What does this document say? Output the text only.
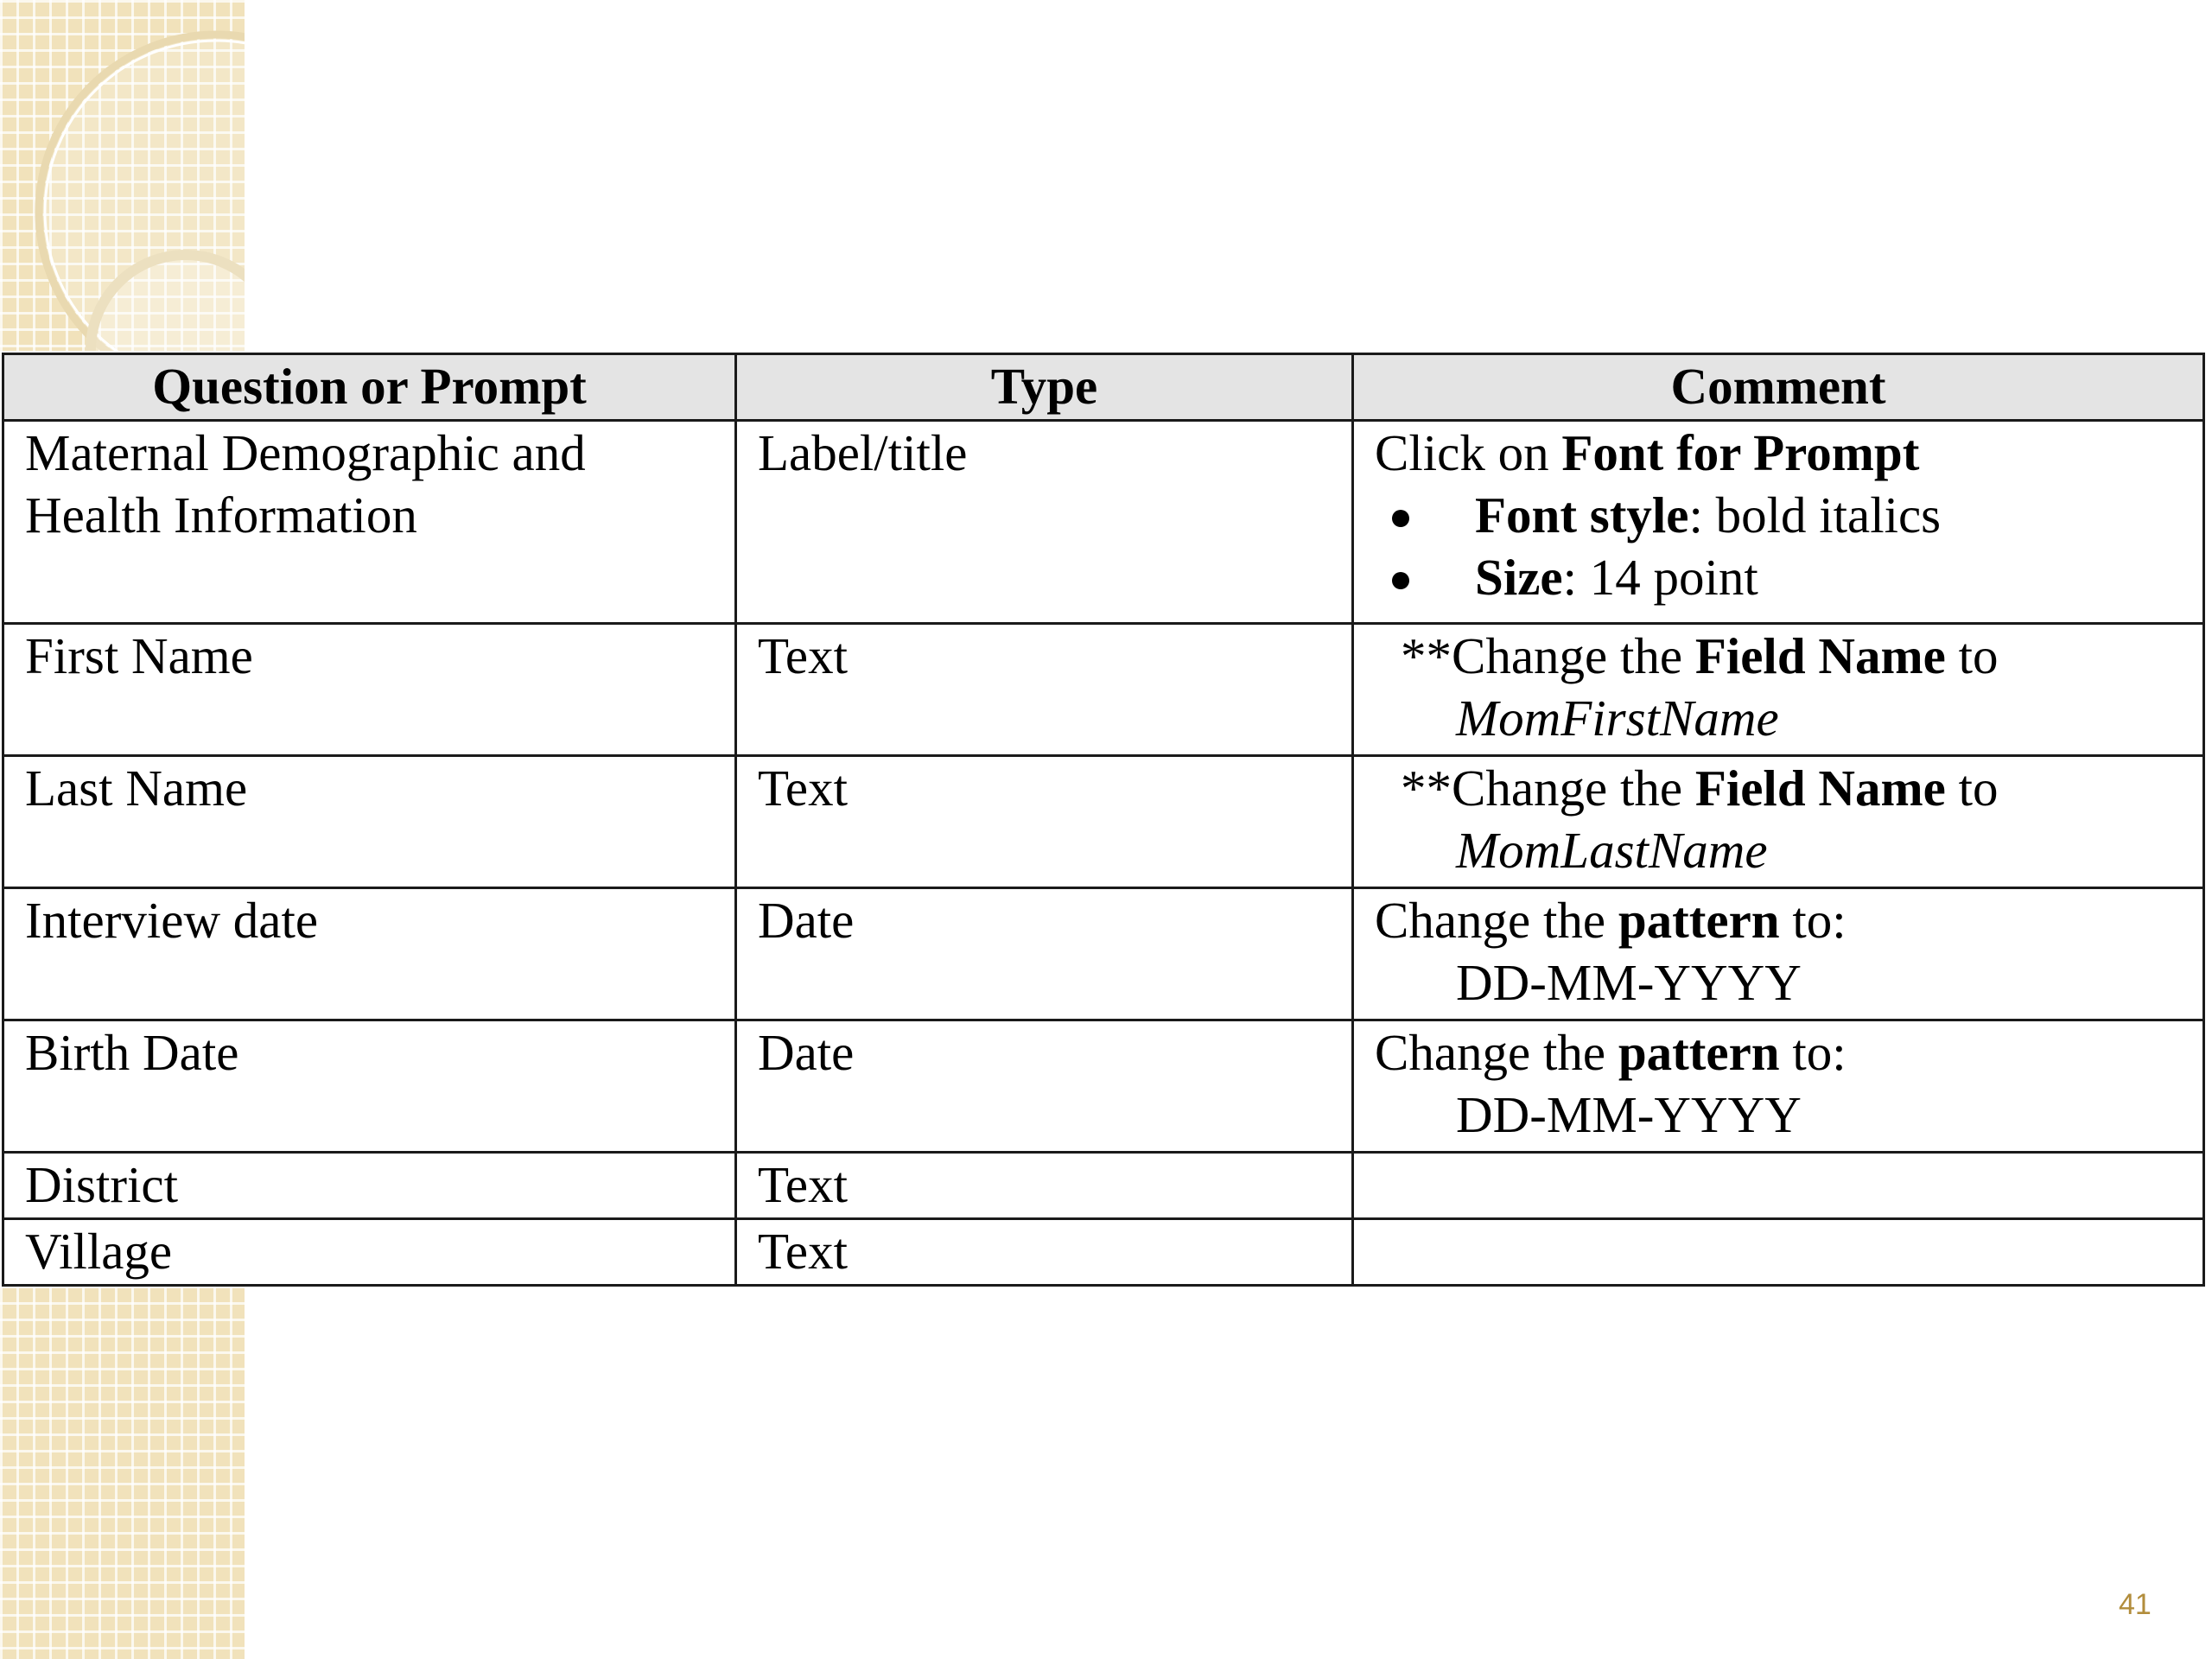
Question or Prompt	Type	Comment
Maternal Demographic and Health Information	Label/title	Click on Font for Prompt
Font style: bold italics
Size: 14 point

First Name	Text	**Change the Field Name to
MomFirstName

Last Name	Text	**Change the Field Name to
MomLastName

Interview date	Date	Change the pattern to:
DD-MM-YYYY

Birth Date	Date	Change the pattern to:
DD-MM-YYYY

District	Text	
Village	Text	
41
